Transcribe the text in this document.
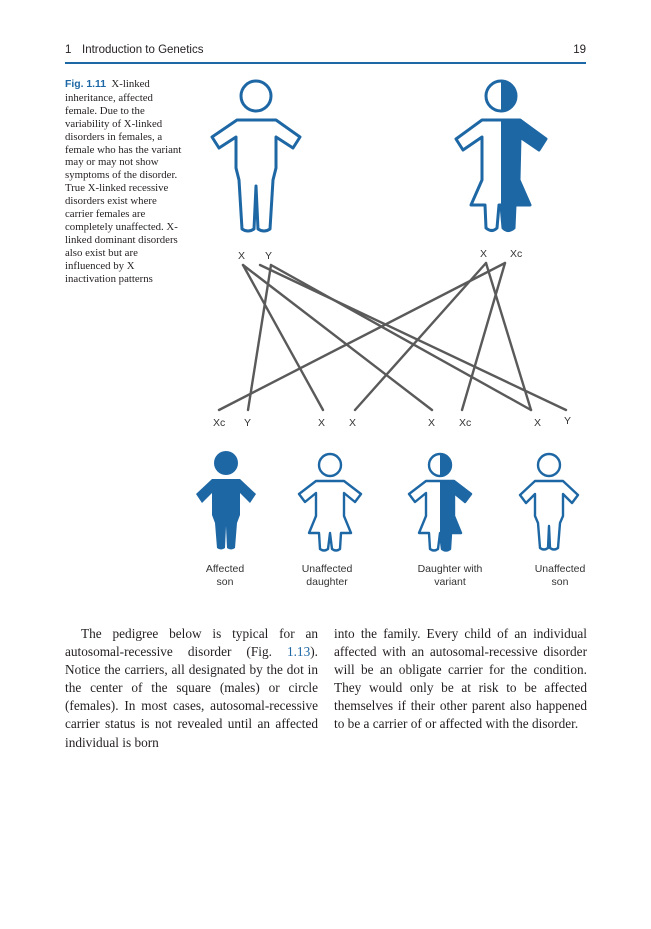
1 Introduction to Genetics	19
Fig. 1.11 X-linked inheritance, affected female. Due to the variability of X-linked disorders in females, a female who has the variant may or may not show symptoms of the disorder. True X-linked recessive disorders exist where carrier females are completely unaffected. X-linked dominant disorders also exist but are influenced by X inactivation patterns
X Y	X Xc
Xc Y	X X	X Xc	X Y
Affected
son
Unaffected
daughter
Daughter with
variant
Unaffected
son
The pedigree below is typical for an autosomal-recessive disorder (Fig. 1.13). Notice the carriers, all designated by the dot in the center of the square (males) or circle (females). In most cases, autosomal-recessive carrier status is not revealed until an affected individual is born
into the family. Every child of an individual affected with an autosomal-recessive disorder will be an obligate carrier for the condition. They would only be at risk to be affected themselves if their other parent also happened to be a carrier of or affected with the disorder.
